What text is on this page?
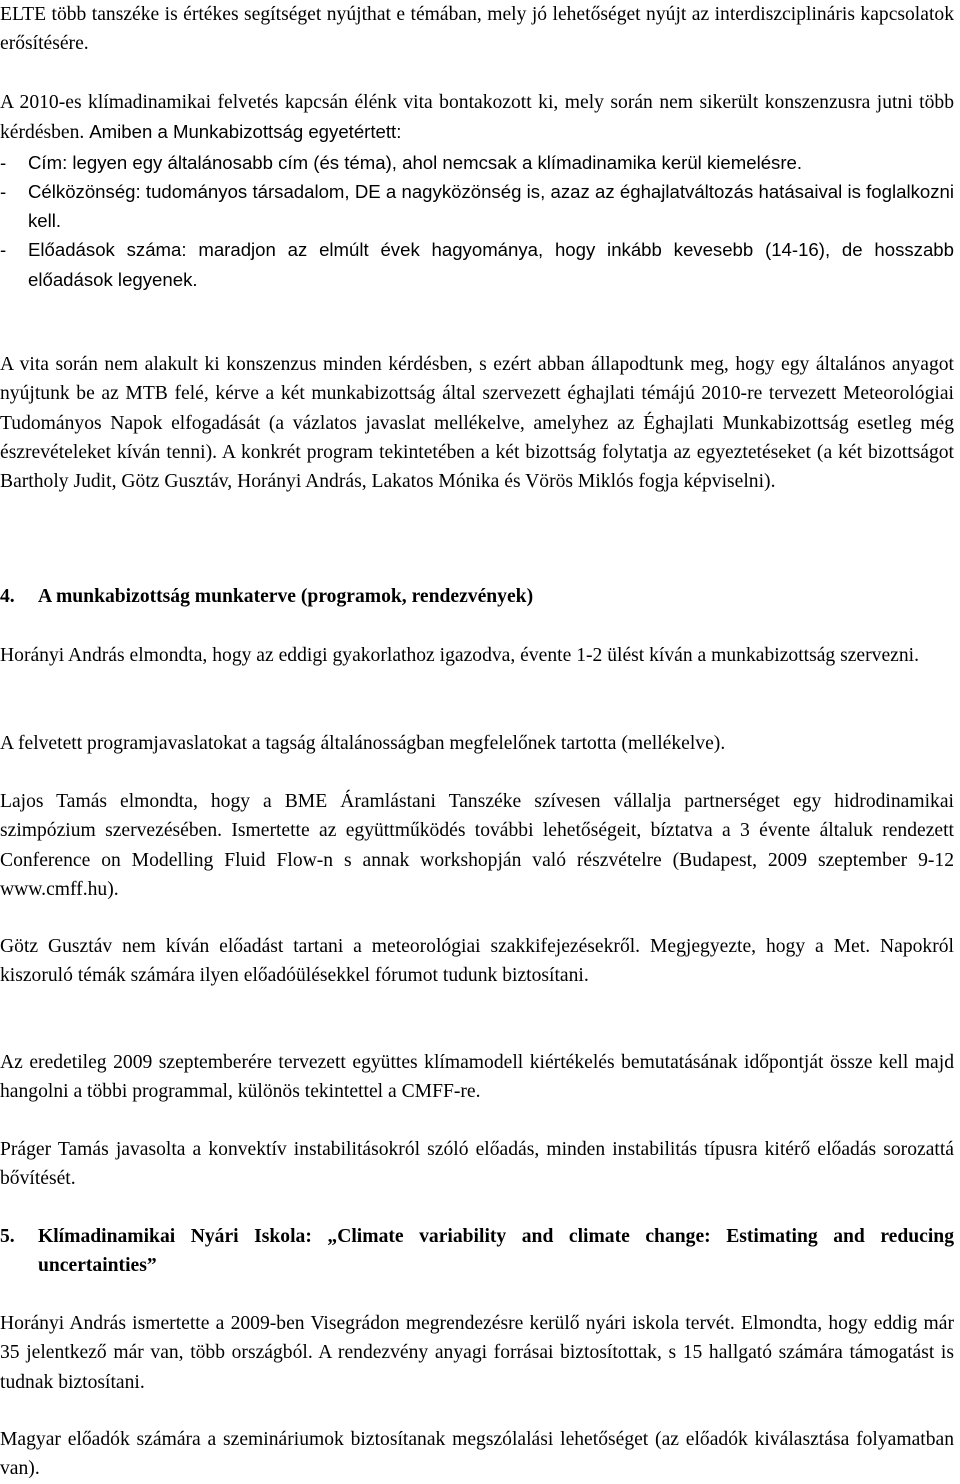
ELTE több tanszéke is értékes segítséget nyújthat e témában, mely jó lehetőséget nyújt az interdiszciplináris kapcsolatok erősítésére.

A 2010-es klímadinamikai felvetés kapcsán élénk vita bontakozott ki, mely során nem sikerült konszenzusra jutni több kérdésben. Amiben a Munkabizottság egyetértett:

-	Cím: legyen egy általánosabb cím (és téma), ahol nemcsak a klímadinamika kerül kiemelésre.
-	Célközönség: tudományos társadalom, DE a nagyközönség is, azaz az éghajlatváltozás hatásaival is foglalkozni kell.
-	Előadások száma: maradjon az elmúlt évek hagyománya, hogy inkább kevesebb (14-16), de hosszabb előadások legyenek.

A vita során nem alakult ki konszenzus minden kérdésben, s ezért abban állapodtunk meg, hogy egy általános anyagot nyújtunk be az MTB felé, kérve a két munkabizottság által szervezett éghajlati témájú 2010-re tervezett Meteorológiai Tudományos Napok elfogadását (a vázlatos javaslat mellékelve, amelyhez az Éghajlati Munkabizottság esetleg még észrevételeket kíván tenni). A konkrét program tekintetében a két bizottság folytatja az egyeztetéseket (a két bizottságot Bartholy Judit, Götz Gusztáv, Horányi András, Lakatos Mónika és Vörös Miklós fogja képviselni).

4.	A munkabizottság munkaterve (programok, rendezvények)

Horányi András elmondta, hogy az eddigi gyakorlathoz igazodva, évente 1-2 ülést kíván a munkabizottság szervezni.

A felvetett programjavaslatokat a tagság általánosságban megfelelőnek tartotta (mellékelve).

Lajos Tamás elmondta, hogy a BME Áramlástani Tanszéke szívesen vállalja partnerséget egy hidrodinamikai szimpózium szervezésében. Ismertette az együttműködés további lehetőségeit, bíztatva a 3 évente általuk rendezett Conference on Modelling Fluid Flow-n s annak workshopján való részvételre (Budapest, 2009 szeptember 9-12 www.cmff.hu).

Götz Gusztáv nem kíván előadást tartani a meteorológiai szakkifejezésekről. Megjegyezte, hogy a Met. Napokról kiszoruló témák számára ilyen előadóülésekkel fórumot tudunk biztosítani.

Az eredetileg 2009 szeptemberére tervezett együttes klímamodell kiértékelés bemutatásának időpontját össze kell majd hangolni a többi programmal, különös tekintettel a CMFF-re.

Práger Tamás javasolta a konvektív instabilitásokról szóló előadás, minden instabilitás típusra kitérő előadás sorozattá bővítését.

5.	Klímadinamikai Nyári Iskola: „Climate variability and climate change: Estimating and reducing uncertainties”

Horányi András ismertette a 2009-ben Visegrádon megrendezésre kerülő nyári iskola tervét. Elmondta, hogy eddig már 35 jelentkező már van, több országból. A rendezvény anyagi forrásai biztosítottak, s 15 hallgató számára támogatást is tudnak biztosítani.

Magyar előadók számára a szemináriumok biztosítanak megszólalási lehetőséget (az előadók kiválasztása folyamatban van).
